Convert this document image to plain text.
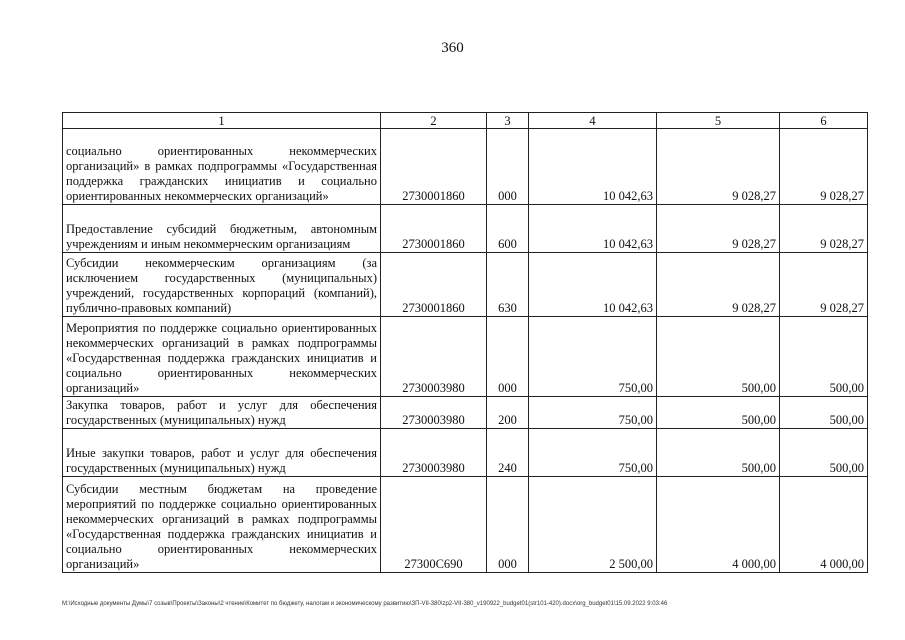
360
1	2	3	4	5	6
социально ориентированных некоммерческих организаций» в рамках подпрограммы «Государственная поддержка гражданских инициатив и социально ориентированных некоммерческих организаций»	2730001860	000	10 042,63	9 028,27	9 028,27
Предоставление субсидий бюджетным, автономным учреждениям и иным некоммерческим организациям	2730001860	600	10 042,63	9 028,27	9 028,27
Субсидии некоммерческим организациям (за исключением государственных (муниципальных) учреждений, государственных корпораций (компаний), публично-правовых компаний)	2730001860	630	10 042,63	9 028,27	9 028,27
Мероприятия по поддержке социально ориентированных некоммерческих организаций в рамках подпрограммы «Государственная поддержка гражданских инициатив и социально ориентированных некоммерческих организаций»	2730003980	000	750,00	500,00	500,00
Закупка товаров, работ и услуг для обеспечения государственных (муниципальных) нужд	2730003980	200	750,00	500,00	500,00
Иные закупки товаров, работ и услуг для обеспечения государственных (муниципальных) нужд	2730003980	240	750,00	500,00	500,00
Субсидии местным бюджетам на проведение мероприятий по поддержке социально ориентированных некоммерческих организаций в рамках подпрограммы «Государственная поддержка гражданских инициатив и социально ориентированных некоммерческих организаций»	27300С690	000	2 500,00	4 000,00	4 000,00
М:\Исходные документы Думы\7 созыв\Проекты\Законы\2 чтение\Комитет по бюджету, налогам и экономическому развитию\ЗП-VII-380\zp2-VII-380_v190922_budget01(str101-420).docx\org_budget01\15.09.2022 9:03:46
